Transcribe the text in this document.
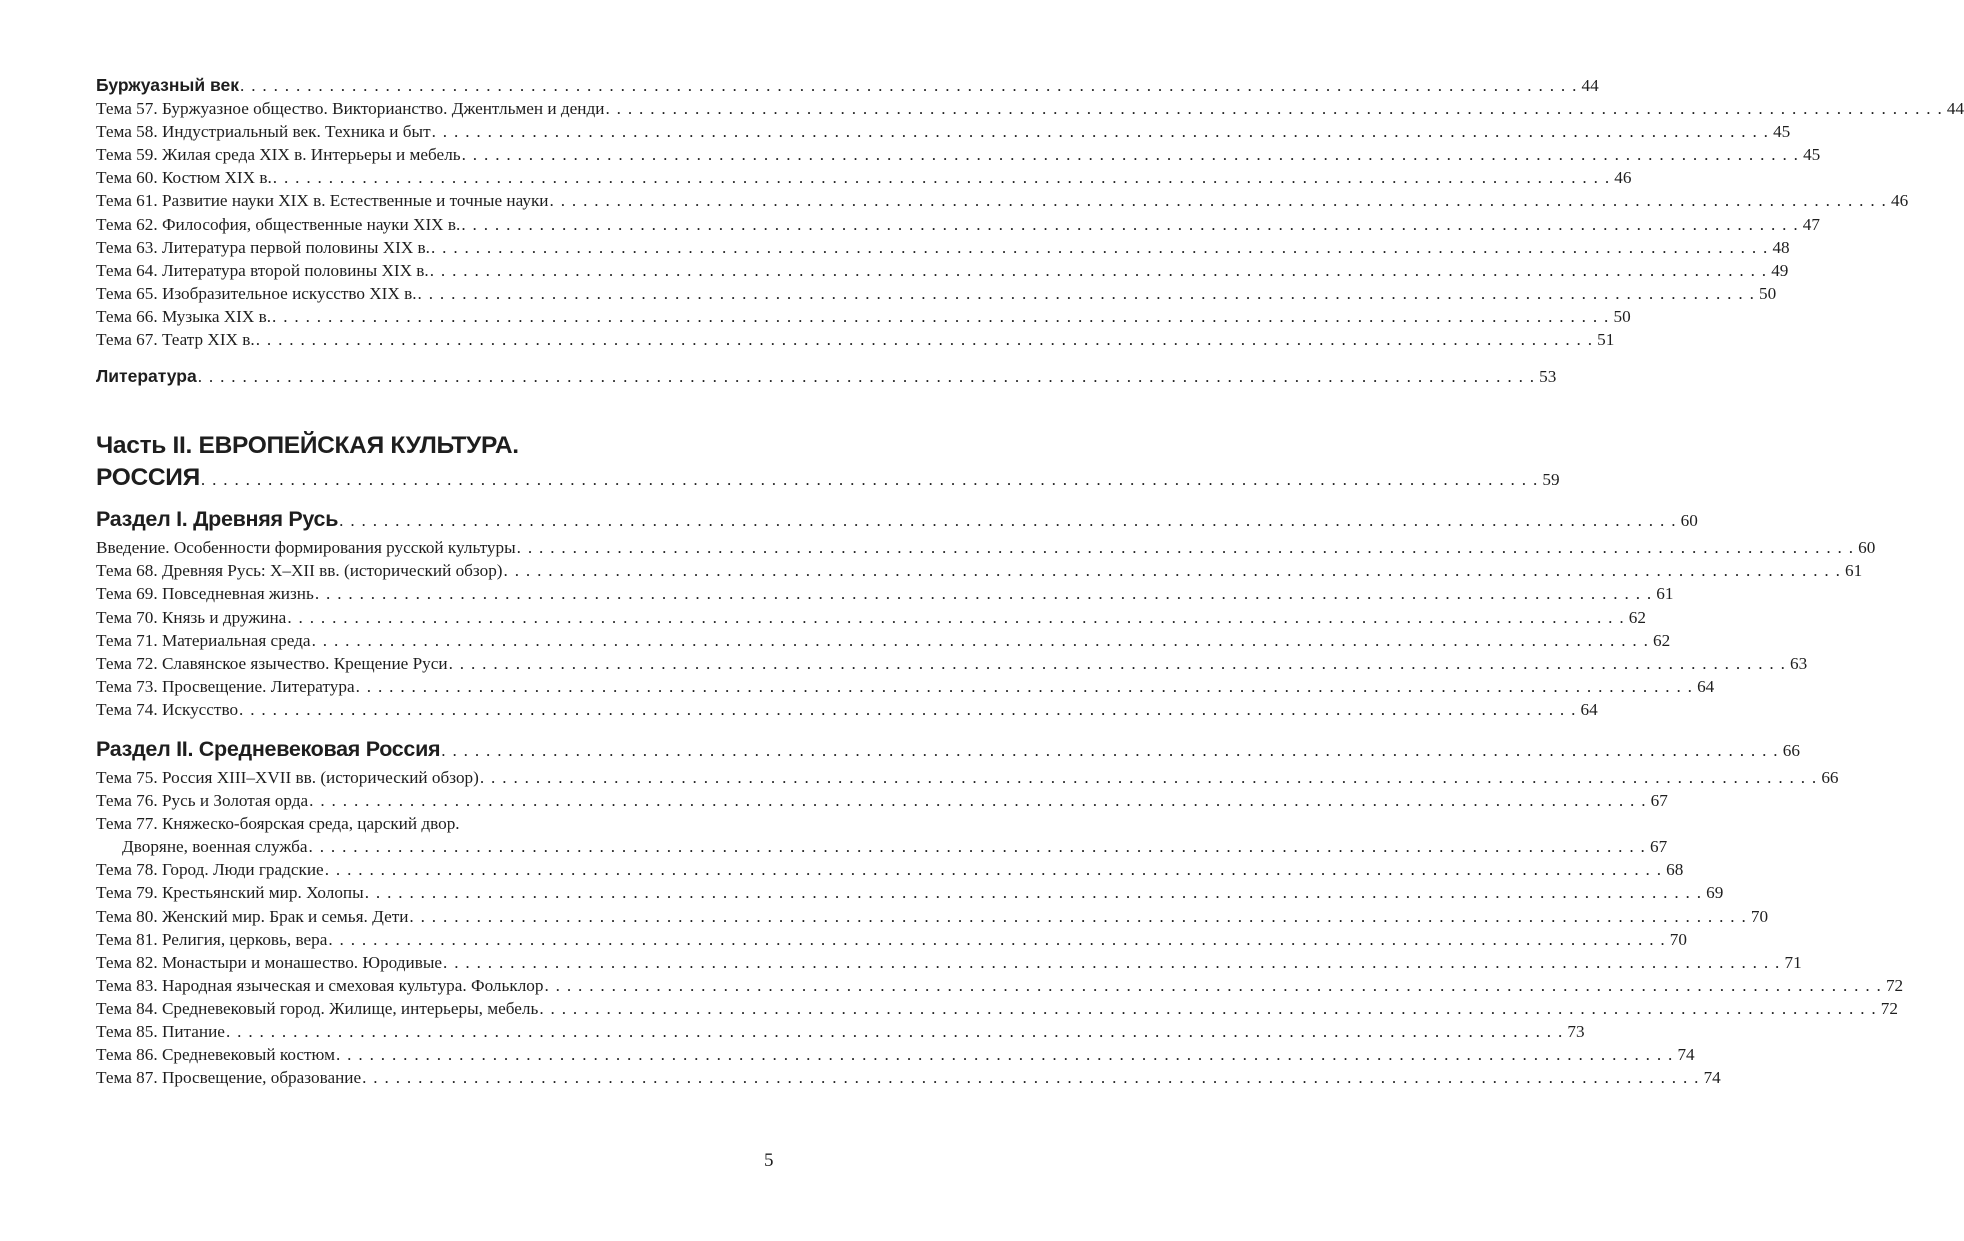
Буржуазный век . . . . . . . . . . . . . . . . . . . . . . . . . . . . . . . . . . . . . . . . . . . . . . . . . . . . . . . . . . . . . . . . . . . . . . . . . . . . . . . . . . . . . . . . . . . . . . . . . . . . . . . . . . . . . . . . . . . . . . . . 44
Тема 57. Буржуазное общество. Викторианство. Джентльмен и денди . . . . . . . . . . . . . . . . . . . . . . . . . . . . . . . . . . . . . . . . . . . . . . . . . . . . . . . . . . . . . . . . . . . . . . . . . . . . . . . . . . . . . . . . . . . . . . . . . . . . . . . . . . . . . . . . . . . . . . . . 44
Тема 58. Индустриальный век. Техника и быт . . . . . . . . . . . . . . . . . . . . . . . . . . . . . . . . . . . . . . . . . . . . . . . . . . . . . . . . . . . . . . . . . . . . . . . . . . . . . . . . . . . . . . . . . . . . . . . . . . . . . . . . . . . . . . . . . . . . . . . . 45
Тема 59. Жилая среда XIX в. Интерьеры и мебель . . . . . . . . . . . . . . . . . . . . . . . . . . . . . . . . . . . . . . . . . . . . . . . . . . . . . . . . . . . . . . . . . . . . . . . . . . . . . . . . . . . . . . . . . . . . . . . . . . . . . . . . . . . . . . . . . . . . . . . . 45
Тема 60. Костюм XIX в. . . . . . . . . . . . . . . . . . . . . . . . . . . . . . . . . . . . . . . . . . . . . . . . . . . . . . . . . . . . . . . . . . . . . . . . . . . . . . . . . . . . . . . . . . . . . . . . . . . . . . . . . . . . . . . . . . . . . . . . . 46
Тема 61. Развитие науки XIX в. Естественные и точные науки . . . . . . . . . . . . . . . . . . . . . . . . . . . . . . . . . . . . . . . . . . . . . . . . . . . . . . . . . . . . . . . . . . . . . . . . . . . . . . . . . . . . . . . . . . . . . . . . . . . . . . . . . . . . . . . . . . . . . . . . 46
Тема 62. Философия, общественные науки XIX в. . . . . . . . . . . . . . . . . . . . . . . . . . . . . . . . . . . . . . . . . . . . . . . . . . . . . . . . . . . . . . . . . . . . . . . . . . . . . . . . . . . . . . . . . . . . . . . . . . . . . . . . . . . . . . . . . . . . . . . . . 47
Тема 63. Литература первой половины XIX в. . . . . . . . . . . . . . . . . . . . . . . . . . . . . . . . . . . . . . . . . . . . . . . . . . . . . . . . . . . . . . . . . . . . . . . . . . . . . . . . . . . . . . . . . . . . . . . . . . . . . . . . . . . . . . . . . . . . . . . . . 48
Тема 64. Литература второй половины XIX в. . . . . . . . . . . . . . . . . . . . . . . . . . . . . . . . . . . . . . . . . . . . . . . . . . . . . . . . . . . . . . . . . . . . . . . . . . . . . . . . . . . . . . . . . . . . . . . . . . . . . . . . . . . . . . . . . . . . . . . . . 49
Тема 65. Изобразительное искусство XIX в. . . . . . . . . . . . . . . . . . . . . . . . . . . . . . . . . . . . . . . . . . . . . . . . . . . . . . . . . . . . . . . . . . . . . . . . . . . . . . . . . . . . . . . . . . . . . . . . . . . . . . . . . . . . . . . . . . . . . . . . . 50
Тема 66. Музыка XIX в. . . . . . . . . . . . . . . . . . . . . . . . . . . . . . . . . . . . . . . . . . . . . . . . . . . . . . . . . . . . . . . . . . . . . . . . . . . . . . . . . . . . . . . . . . . . . . . . . . . . . . . . . . . . . . . . . . . . . . . . . 50
Тема 67. Театр XIX в. . . . . . . . . . . . . . . . . . . . . . . . . . . . . . . . . . . . . . . . . . . . . . . . . . . . . . . . . . . . . . . . . . . . . . . . . . . . . . . . . . . . . . . . . . . . . . . . . . . . . . . . . . . . . . . . . . . . . . . . . 51
Литература . . . . . . . . . . . . . . . . . . . . . . . . . . . . . . . . . . . . . . . . . . . . . . . . . . . . . . . . . . . . . . . . . . . . . . . . . . . . . . . . . . . . . . . . . . . . . . . . . . . . . . . . . . . . . . . . . . . . . . . . 53
Часть II. ЕВРОПЕЙСКАЯ КУЛЬТУРА.
РОССИЯ . . . . . . . . . . . . . . . . . . . . . . . . . . . . . . . . . . . . . . . . . . . . . . . . . . . . . . . . . . . . . . . . . . . . . . . . . . . . . . . . . . . . . . . . . . . . . . . . . . . . . . . . . . . . . . . . . . . . . . . . 59
Раздел I. Древняя Русь . . . . . . . . . . . . . . . . . . . . . . . . . . . . . . . . . . . . . . . . . . . . . . . . . . . . . . . . . . . . . . . . . . . . . . . . . . . . . . . . . . . . . . . . . . . . . . . . . . . . . . . . . . . . . . . . . . . . . . . . 60
Введение. Особенности формирования русской культуры . . . . . . . . . . . . . . . . . . . . . . . . . . . . . . . . . . . . . . . . . . . . . . . . . . . . . . . . . . . . . . . . . . . . . . . . . . . . . . . . . . . . . . . . . . . . . . . . . . . . . . . . . . . . . . . . . . . . . . . . 60
Тема 68. Древняя Русь: X–XII вв. (исторический обзор) . . . . . . . . . . . . . . . . . . . . . . . . . . . . . . . . . . . . . . . . . . . . . . . . . . . . . . . . . . . . . . . . . . . . . . . . . . . . . . . . . . . . . . . . . . . . . . . . . . . . . . . . . . . . . . . . . . . . . . . . 61
Тема 69. Повседневная жизнь . . . . . . . . . . . . . . . . . . . . . . . . . . . . . . . . . . . . . . . . . . . . . . . . . . . . . . . . . . . . . . . . . . . . . . . . . . . . . . . . . . . . . . . . . . . . . . . . . . . . . . . . . . . . . . . . . . . . . . . . 61
Тема 70. Князь и дружина . . . . . . . . . . . . . . . . . . . . . . . . . . . . . . . . . . . . . . . . . . . . . . . . . . . . . . . . . . . . . . . . . . . . . . . . . . . . . . . . . . . . . . . . . . . . . . . . . . . . . . . . . . . . . . . . . . . . . . . . 62
Тема 71. Материальная среда . . . . . . . . . . . . . . . . . . . . . . . . . . . . . . . . . . . . . . . . . . . . . . . . . . . . . . . . . . . . . . . . . . . . . . . . . . . . . . . . . . . . . . . . . . . . . . . . . . . . . . . . . . . . . . . . . . . . . . . . 62
Тема 72. Славянское язычество. Крещение Руси . . . . . . . . . . . . . . . . . . . . . . . . . . . . . . . . . . . . . . . . . . . . . . . . . . . . . . . . . . . . . . . . . . . . . . . . . . . . . . . . . . . . . . . . . . . . . . . . . . . . . . . . . . . . . . . . . . . . . . . . 63
Тема 73. Просвещение. Литература . . . . . . . . . . . . . . . . . . . . . . . . . . . . . . . . . . . . . . . . . . . . . . . . . . . . . . . . . . . . . . . . . . . . . . . . . . . . . . . . . . . . . . . . . . . . . . . . . . . . . . . . . . . . . . . . . . . . . . . . 64
Тема 74. Искусство . . . . . . . . . . . . . . . . . . . . . . . . . . . . . . . . . . . . . . . . . . . . . . . . . . . . . . . . . . . . . . . . . . . . . . . . . . . . . . . . . . . . . . . . . . . . . . . . . . . . . . . . . . . . . . . . . . . . . . . . 64
Раздел II. Средневековая Россия . . . . . . . . . . . . . . . . . . . . . . . . . . . . . . . . . . . . . . . . . . . . . . . . . . . . . . . . . . . . . . . . . . . . . . . . . . . . . . . . . . . . . . . . . . . . . . . . . . . . . . . . . . . . . . . . . . . . . . . . 66
Тема 75. Россия XIII–XVII вв. (исторический обзор) . . . . . . . . . . . . . . . . . . . . . . . . . . . . . . . . . . . . . . . . . . . . . . . . . . . . . . . . . . . . . . . . . . . . . . . . . . . . . . . . . . . . . . . . . . . . . . . . . . . . . . . . . . . . . . . . . . . . . . . . 66
Тема 76. Русь и Золотая орда . . . . . . . . . . . . . . . . . . . . . . . . . . . . . . . . . . . . . . . . . . . . . . . . . . . . . . . . . . . . . . . . . . . . . . . . . . . . . . . . . . . . . . . . . . . . . . . . . . . . . . . . . . . . . . . . . . . . . . . . 67
Тема 77. Княжеско-боярская среда, царский двор.
Дворяне, военная служба . . . . . . . . . . . . . . . . . . . . . . . . . . . . . . . . . . . . . . . . . . . . . . . . . . . . . . . . . . . . . . . . . . . . . . . . . . . . . . . . . . . . . . . . . . . . . . . . . . . . . . . . . . . . . . . . . . . . . . . . 67
Тема 78. Город. Люди градские . . . . . . . . . . . . . . . . . . . . . . . . . . . . . . . . . . . . . . . . . . . . . . . . . . . . . . . . . . . . . . . . . . . . . . . . . . . . . . . . . . . . . . . . . . . . . . . . . . . . . . . . . . . . . . . . . . . . . . . . 68
Тема 79. Крестьянский мир. Холопы . . . . . . . . . . . . . . . . . . . . . . . . . . . . . . . . . . . . . . . . . . . . . . . . . . . . . . . . . . . . . . . . . . . . . . . . . . . . . . . . . . . . . . . . . . . . . . . . . . . . . . . . . . . . . . . . . . . . . . . . 69
Тема 80. Женский мир. Брак и семья. Дети . . . . . . . . . . . . . . . . . . . . . . . . . . . . . . . . . . . . . . . . . . . . . . . . . . . . . . . . . . . . . . . . . . . . . . . . . . . . . . . . . . . . . . . . . . . . . . . . . . . . . . . . . . . . . . . . . . . . . . . . 70
Тема 81. Религия, церковь, вера . . . . . . . . . . . . . . . . . . . . . . . . . . . . . . . . . . . . . . . . . . . . . . . . . . . . . . . . . . . . . . . . . . . . . . . . . . . . . . . . . . . . . . . . . . . . . . . . . . . . . . . . . . . . . . . . . . . . . . . . 70
Тема 82. Монастыри и монашество. Юродивые . . . . . . . . . . . . . . . . . . . . . . . . . . . . . . . . . . . . . . . . . . . . . . . . . . . . . . . . . . . . . . . . . . . . . . . . . . . . . . . . . . . . . . . . . . . . . . . . . . . . . . . . . . . . . . . . . . . . . . . . 71
Тема 83. Народная языческая и смеховая культура. Фольклор . . . . . . . . . . . . . . . . . . . . . . . . . . . . . . . . . . . . . . . . . . . . . . . . . . . . . . . . . . . . . . . . . . . . . . . . . . . . . . . . . . . . . . . . . . . . . . . . . . . . . . . . . . . . . . . . . . . . . . . . 72
Тема 84. Средневековый город. Жилище, интерьеры, мебель . . . . . . . . . . . . . . . . . . . . . . . . . . . . . . . . . . . . . . . . . . . . . . . . . . . . . . . . . . . . . . . . . . . . . . . . . . . . . . . . . . . . . . . . . . . . . . . . . . . . . . . . . . . . . . . . . . . . . . . . 72
Тема 85. Питание . . . . . . . . . . . . . . . . . . . . . . . . . . . . . . . . . . . . . . . . . . . . . . . . . . . . . . . . . . . . . . . . . . . . . . . . . . . . . . . . . . . . . . . . . . . . . . . . . . . . . . . . . . . . . . . . . . . . . . . . 73
Тема 86. Средневековый костюм . . . . . . . . . . . . . . . . . . . . . . . . . . . . . . . . . . . . . . . . . . . . . . . . . . . . . . . . . . . . . . . . . . . . . . . . . . . . . . . . . . . . . . . . . . . . . . . . . . . . . . . . . . . . . . . . . . . . . . . . 74
Тема 87. Просвещение, образование . . . . . . . . . . . . . . . . . . . . . . . . . . . . . . . . . . . . . . . . . . . . . . . . . . . . . . . . . . . . . . . . . . . . . . . . . . . . . . . . . . . . . . . . . . . . . . . . . . . . . . . . . . . . . . . . . . . . . . . . 74
5
